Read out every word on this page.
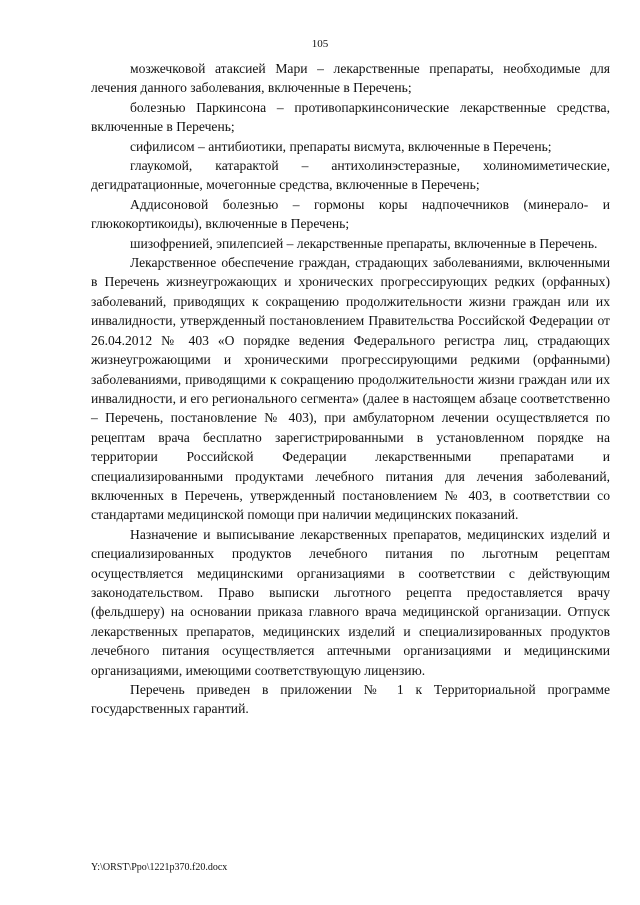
105

мозжечковой атаксией Мари – лекарственные препараты, необходимые для лечения данного заболевания, включенные в Перечень;

болезнью Паркинсона – противопаркинсонические лекарственные средства, включенные в Перечень;

сифилисом – антибиотики, препараты висмута, включенные в Перечень;

глаукомой, катарактой – антихолинэстеразные, холиномиметические, дегидратационные, мочегонные средства, включенные в Перечень;

Аддисоновой болезнью – гормоны коры надпочечников (минерало- и глюкокортикоиды), включенные в Перечень;

шизофренией, эпилепсией – лекарственные препараты, включенные в Перечень.

Лекарственное обеспечение граждан, страдающих заболеваниями, включенными в Перечень жизнеугрожающих и хронических прогрессирующих редких (орфанных) заболеваний, приводящих к сокращению продолжительности жизни граждан или их инвалидности, утвержденный постановлением Правительства Российской Федерации от 26.04.2012 № 403 «О порядке ведения Федерального регистра лиц, страдающих жизнеугрожающими и хроническими прогрессирующими редкими (орфанными) заболеваниями, приводящими к сокращению продолжительности жизни граждан или их инвалидности, и его регионального сегмента» (далее в настоящем абзаце соответственно – Перечень, постановление № 403), при амбулаторном лечении осуществляется по рецептам врача бесплатно зарегистрированными в установленном порядке на территории Российской Федерации лекарственными препаратами и специализированными продуктами лечебного питания для лечения заболеваний, включенных в Перечень, утвержденный постановлением № 403, в соответствии со стандартами медицинской помощи при наличии медицинских показаний.

Назначение и выписывание лекарственных препаратов, медицинских изделий и специализированных продуктов лечебного питания по льготным рецептам осуществляется медицинскими организациями в соответствии с действующим законодательством. Право выписки льготного рецепта предоставляется врачу (фельдшеру) на основании приказа главного врача медицинской организации. Отпуск лекарственных препаратов, медицинских изделий и специализированных продуктов лечебного питания осуществляется аптечными организациями и медицинскими организациями, имеющими соответствующую лицензию.

Перечень приведен в приложении № 1 к Территориальной программе государственных гарантий.

Y:\ORST\Ppo\1221p370.f20.docx
